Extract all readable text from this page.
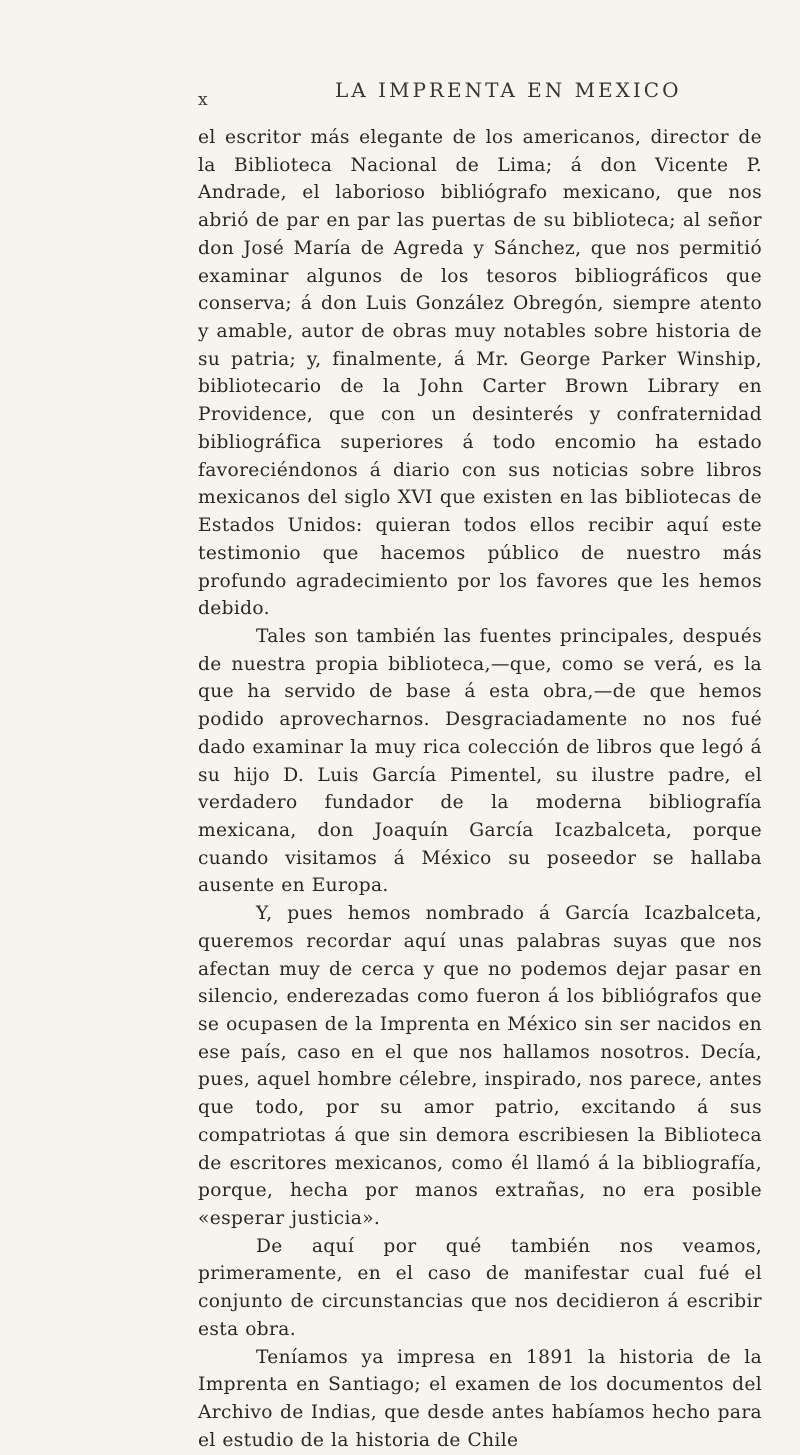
x	LA IMPRENTA EN MEXICO

el escritor más elegante de los americanos, director de la Biblioteca Nacional de Lima; á don Vicente P. Andrade, el laborioso bibliógrafo mexicano, que nos abrió de par en par las puertas de su biblioteca; al señor don José María de Agreda y Sánchez, que nos permitió examinar algunos de los tesoros bibliográficos que conserva; á don Luis González Obregón, siempre atento y amable, autor de obras muy notables sobre historia de su patria; y, finalmente, á Mr. George Parker Winship, bibliotecario de la John Carter Brown Library en Providence, que con un desinterés y confraternidad bibliográfica superiores á todo encomio ha estado favoreciéndonos á diario con sus noticias sobre libros mexicanos del siglo XVI que existen en las bibliotecas de Estados Unidos: quieran todos ellos recibir aquí este testimonio que hacemos público de nuestro más profundo agradecimiento por los favores que les hemos debido.

Tales son también las fuentes principales, después de nuestra propia biblioteca,—que, como se verá, es la que ha servido de base á esta obra,—de que hemos podido aprovecharnos. Desgraciadamente no nos fué dado examinar la muy rica colección de libros que legó á su hijo D. Luis García Pimentel, su ilustre padre, el verdadero fundador de la moderna bibliografía mexicana, don Joaquín García Icazbalceta, porque cuando visitamos á México su poseedor se hallaba ausente en Europa.

Y, pues hemos nombrado á García Icazbalceta, queremos recordar aquí unas palabras suyas que nos afectan muy de cerca y que no podemos dejar pasar en silencio, enderezadas como fueron á los bibliógrafos que se ocupasen de la Imprenta en México sin ser nacidos en ese país, caso en el que nos hallamos nosotros. Decía, pues, aquel hombre célebre, inspirado, nos parece, antes que todo, por su amor patrio, excitando á sus compatriotas á que sin demora escribiesen la Biblioteca de escritores mexicanos, como él llamó á la bibliografía, porque, hecha por manos extrañas, no era posible «esperar justicia».

De aquí por qué también nos veamos, primeramente, en el caso de manifestar cual fué el conjunto de circunstancias que nos decidieron á escribir esta obra.

Teníamos ya impresa en 1891 la historia de la Imprenta en Santiago; el examen de los documentos del Archivo de Indias, que desde antes habíamos hecho para el estudio de la historia de Chile
